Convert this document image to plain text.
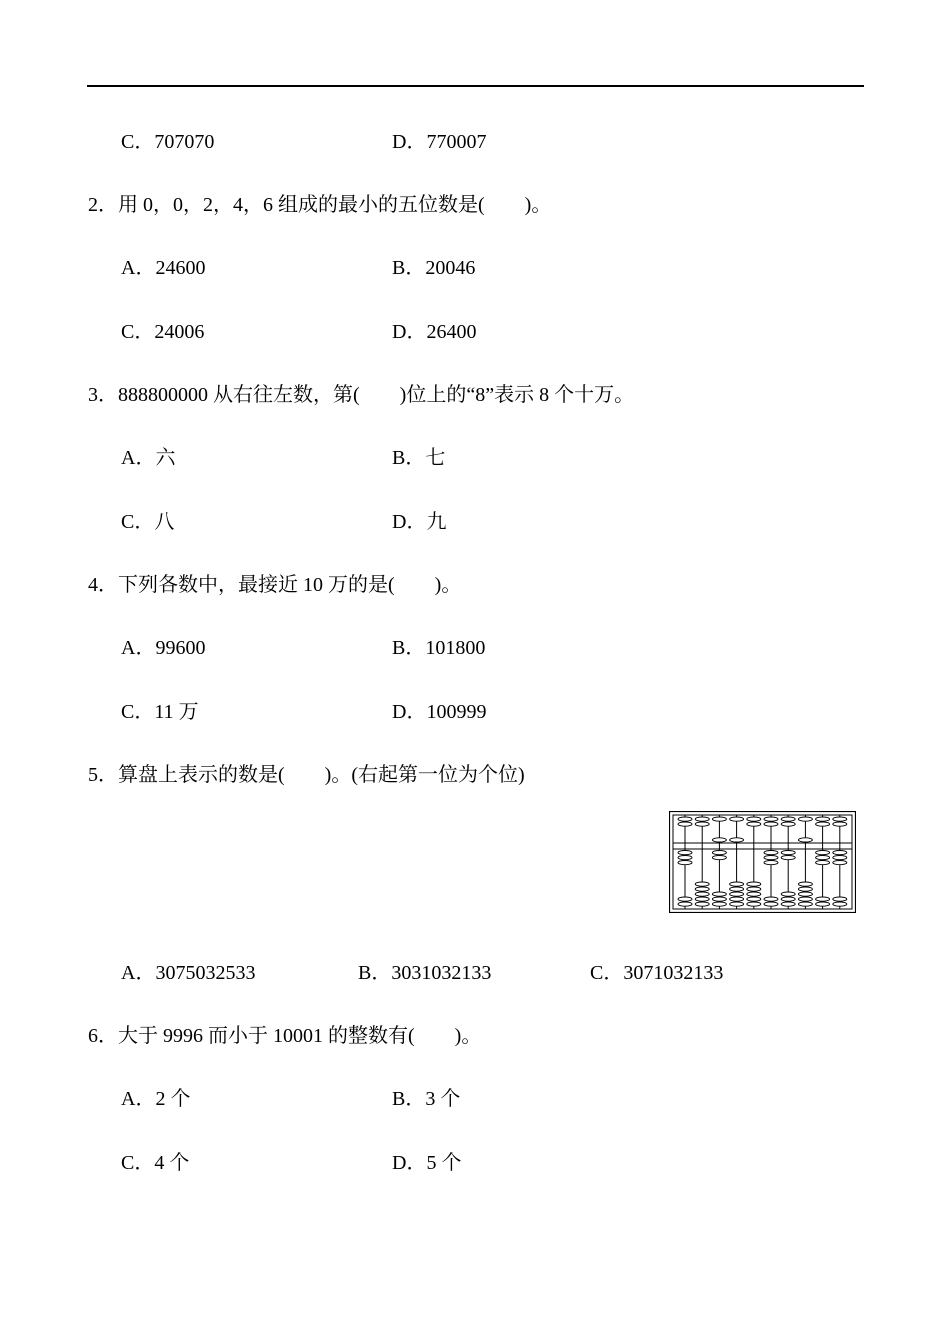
C．707070	D．770007
2．用 0，0，2，4，6 组成的最小的五位数是(　　)。
A．24600	B．20046
C．24006	D．26400
3．888800000 从右往左数，第(　　)位上的“8”表示 8 个十万。
A．六	B．七
C．八	D．九
4．下列各数中，最接近 10 万的是(　　)。
A．99600	B．101800
C．11 万	D．100999
5．算盘上表示的数是(　　)。(右起第一位为个位)
A．3075032533	B．3031032133	C．3071032133
6．大于 9996 而小于 10001 的整数有(　　)。
A．2 个	B．3 个
C．4 个	D．5 个
